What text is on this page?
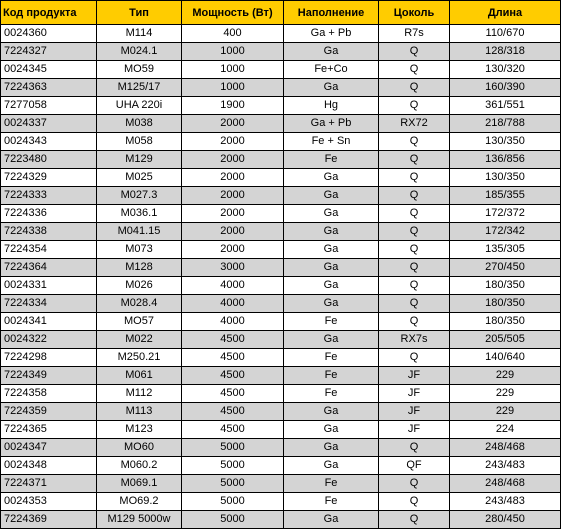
Код продукта	Тип	Мощность (Вт)	Наполнение	Цоколь	Длина
0024360	M114	400	Ga + Pb	R7s	110/670
7224327	M024.1	1000	Ga	Q	128/318
0024345	MO59	1000	Fe+Co	Q	130/320
7224363	M125/17	1000	Ga	Q	160/390
7277058	UHA 220i	1900	Hg	Q	361/551
0024337	M038	2000	Ga + Pb	RX72	218/788
0024343	M058	2000	Fe + Sn	Q	130/350
7223480	M129	2000	Fe	Q	136/856
7224329	M025	2000	Ga	Q	130/350
7224333	M027.3	2000	Ga	Q	185/355
7224336	M036.1	2000	Ga	Q	172/372
7224338	M041.15	2000	Ga	Q	172/342
7224354	M073	2000	Ga	Q	135/305
7224364	M128	3000	Ga	Q	270/450
0024331	M026	4000	Ga	Q	180/350
7224334	M028.4	4000	Ga	Q	180/350
0024341	MO57	4000	Fe	Q	180/350
0024322	M022	4500	Ga	RX7s	205/505
7224298	M250.21	4500	Fe	Q	140/640
7224349	M061	4500	Fe	JF	229
7224358	M112	4500	Fe	JF	229
7224359	M113	4500	Ga	JF	229
7224365	M123	4500	Ga	JF	224
0024347	MO60	5000	Ga	Q	248/468
0024348	M060.2	5000	Ga	QF	243/483
7224371	M069.1	5000	Fe	Q	248/468
0024353	MO69.2	5000	Fe	Q	243/483
7224369	M129 5000w	5000	Ga	Q	280/450
